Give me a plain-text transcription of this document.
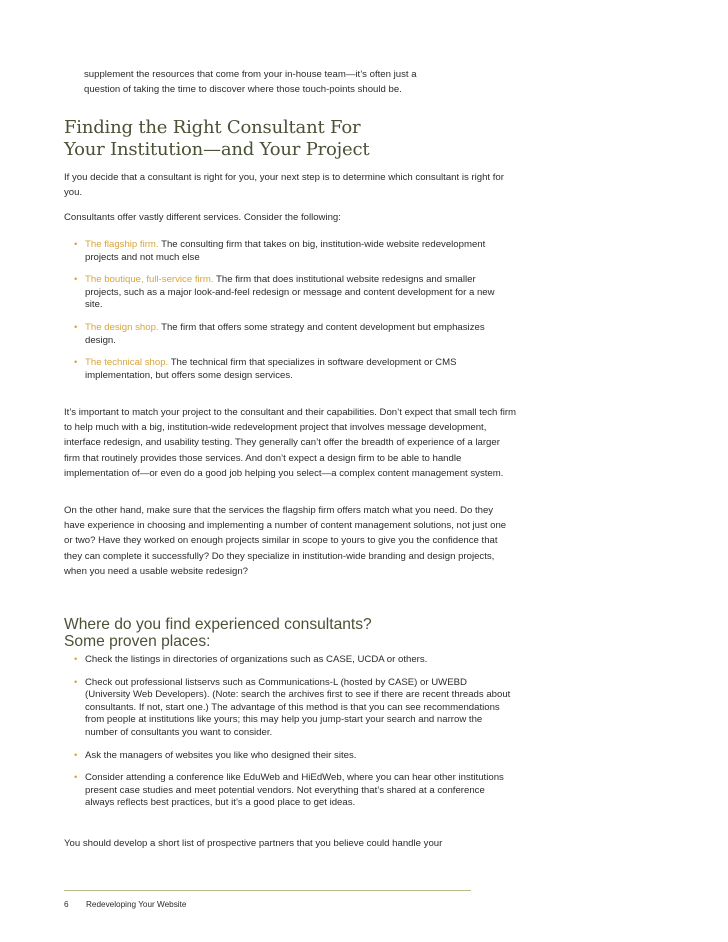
supplement the resources that come from your in-house team—it’s often just a
question of taking the time to discover where those touch-points should be.

Finding the Right Consultant For
Your Institution—and Your Project

If you decide that a consultant is right for you, your next step is to determine which consultant is right for you.

Consultants offer vastly different services. Consider the following:

• The flagship firm. The consulting firm that takes on big, institution-wide website redevelopment projects and not much else
• The boutique, full-service firm. The firm that does institutional website redesigns and smaller projects, such as a major look-and-feel redesign or message and content development for a new site.
• The design shop. The firm that offers some strategy and content development but emphasizes design.
• The technical shop. The technical firm that specializes in software development or CMS implementation, but offers some design services.

It’s important to match your project to the consultant and their capabilities. Don’t expect that small tech firm to help much with a big, institution-wide redevelopment project that involves message development, interface redesign, and usability testing. They generally can’t offer the breadth of experience of a larger firm that routinely provides those services. And don’t expect a design firm to be able to handle implementation of—or even do a good job helping you select—a complex content management system.

On the other hand, make sure that the services the flagship firm offers match what you need. Do they have experience in choosing and implementing a number of content management solutions, not just one or two? Have they worked on enough projects similar in scope to yours to give you the confidence that they can complete it successfully? Do they specialize in institution-wide branding and design projects, when you need a usable website redesign?

Where do you find experienced consultants?
Some proven places:
• Check the listings in directories of organizations such as CASE, UCDA or others.
• Check out professional listservs such as Communications-L (hosted by CASE) or UWEBD (University Web Developers). (Note: search the archives first to see if there are recent threads about consultants. If not, start one.) The advantage of this method is that you can see recommendations from people at institutions like yours; this may help you jump-start your search and narrow the number of consultants you want to consider.
• Ask the managers of websites you like who designed their sites.
• Consider attending a conference like EduWeb and HiEdWeb, where you can hear other institutions present case studies and meet potential vendors. Not everything that’s shared at a conference always reflects best practices, but it’s a good place to get ideas.

You should develop a short list of prospective partners that you believe could handle your

6 Redeveloping Your Website
